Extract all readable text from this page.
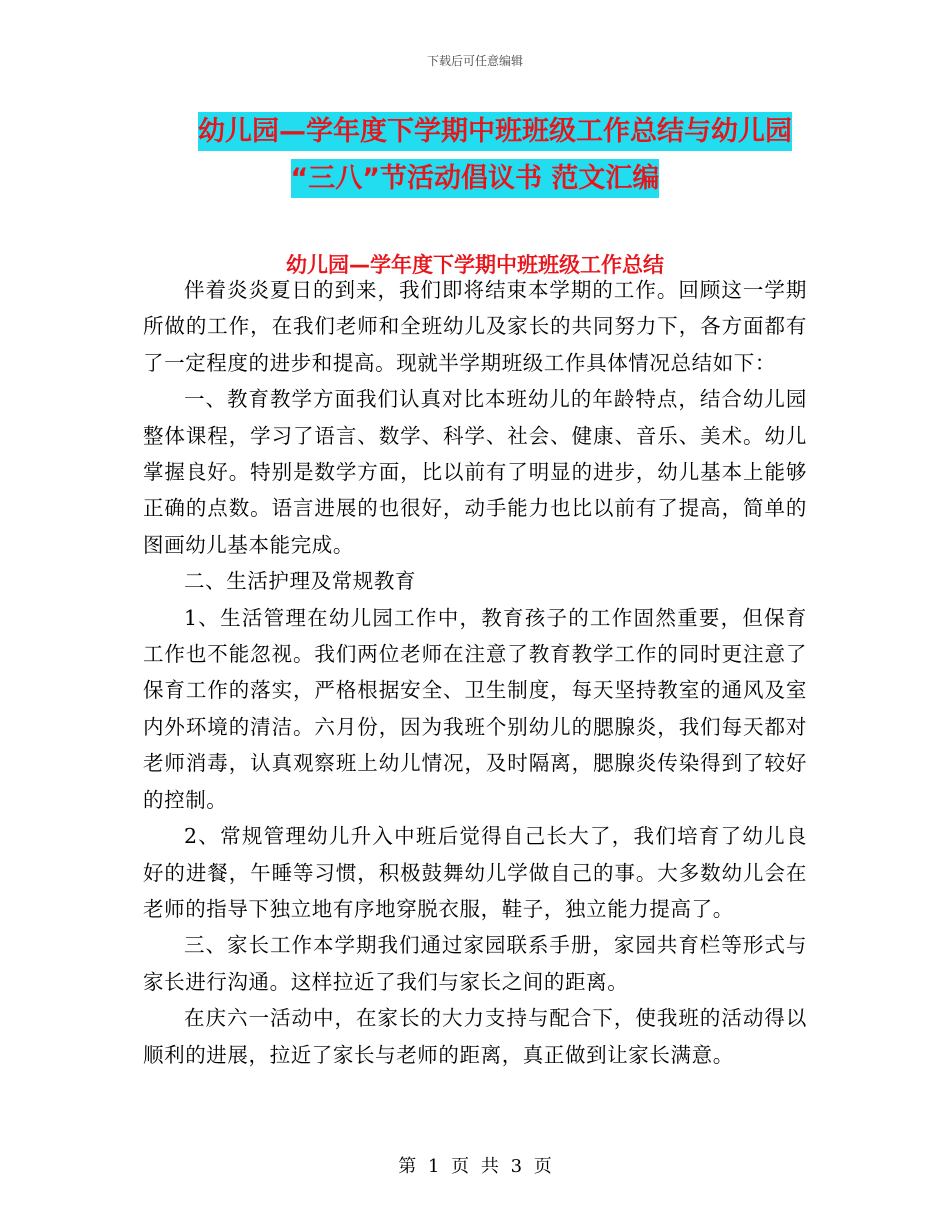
下载后可任意编辑
幼儿园—学年度下学期中班班级工作总结与幼儿园
“三八”节活动倡议书 范文汇编
幼儿园—学年度下学期中班班级工作总结

伴着炎炎夏日的到来，我们即将结束本学期的工作。回顾这一学期所做的工作，在我们老师和全班幼儿及家长的共同努力下，各方面都有了一定程度的进步和提高。现就半学期班级工作具体情况总结如下：

一、教育教学方面我们认真对比本班幼儿的年龄特点，结合幼儿园整体课程，学习了语言、数学、科学、社会、健康、音乐、美术。幼儿掌握良好。特别是数学方面，比以前有了明显的进步，幼儿基本上能够正确的点数。语言进展的也很好，动手能力也比以前有了提高，简单的图画幼儿基本能完成。

二、生活护理及常规教育

1、生活管理在幼儿园工作中，教育孩子的工作固然重要，但保育工作也不能忽视。我们两位老师在注意了教育教学工作的同时更注意了保育工作的落实，严格根据安全、卫生制度，每天坚持教室的通风及室内外环境的清洁。六月份，因为我班个别幼儿的腮腺炎，我们每天都对老师消毒，认真观察班上幼儿情况，及时隔离，腮腺炎传染得到了较好的控制。

2、常规管理幼儿升入中班后觉得自己长大了，我们培育了幼儿良好的进餐，午睡等习惯，积极鼓舞幼儿学做自己的事。大多数幼儿会在老师的指导下独立地有序地穿脱衣服，鞋子，独立能力提高了。

三、家长工作本学期我们通过家园联系手册，家园共育栏等形式与家长进行沟通。这样拉近了我们与家长之间的距离。

在庆六一活动中，在家长的大力支持与配合下，使我班的活动得以顺利的进展，拉近了家长与老师的距离，真正做到让家长满意。

第 1 页 共 3 页
